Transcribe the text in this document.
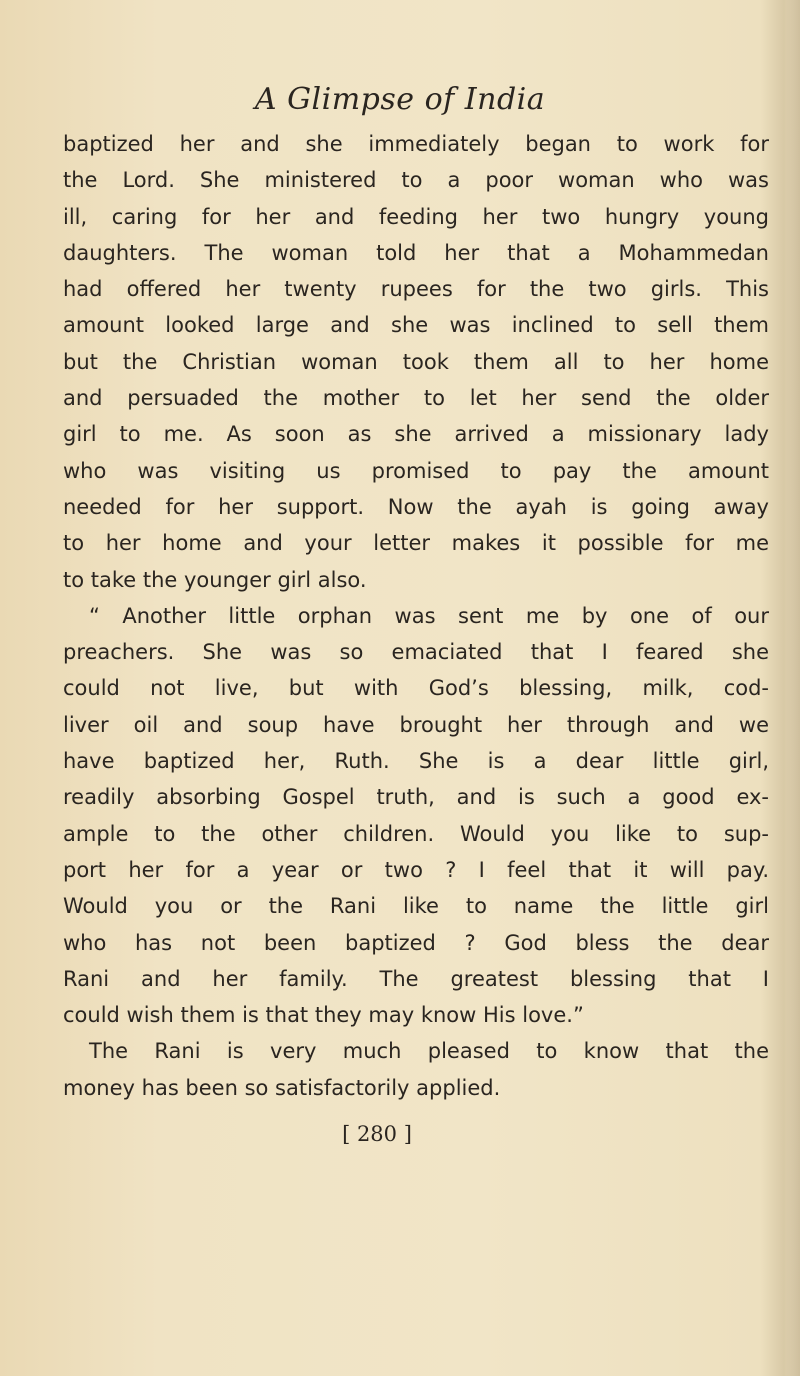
A Glimpse of India
baptized her and she immediately began to work for
the Lord. She ministered to a poor woman who was
ill, caring for her and feeding her two hungry young
daughters. The woman told her that a Mohammedan
had offered her twenty rupees for the two girls. This
amount looked large and she was inclined to sell them
but the Christian woman took them all to her home
and persuaded the mother to let her send the older
girl to me. As soon as she arrived a missionary lady
who was visiting us promised to pay the amount
needed for her support. Now the ayah is going away
to her home and your letter makes it possible for me
to take the younger girl also.
“ Another little orphan was sent me by one of our
preachers. She was so emaciated that I feared she
could not live, but with God’s blessing, milk, cod-
liver oil and soup have brought her through and we
have baptized her, Ruth. She is a dear little girl,
readily absorbing Gospel truth, and is such a good ex-
ample to the other children. Would you like to sup-
port her for a year or two ? I feel that it will pay.
Would you or the Rani like to name the little girl
who has not been baptized ? God bless the dear
Rani and her family. The greatest blessing that I
could wish them is that they may know His love.”
The Rani is very much pleased to know that the
money has been so satisfactorily applied.
[ 280 ]
